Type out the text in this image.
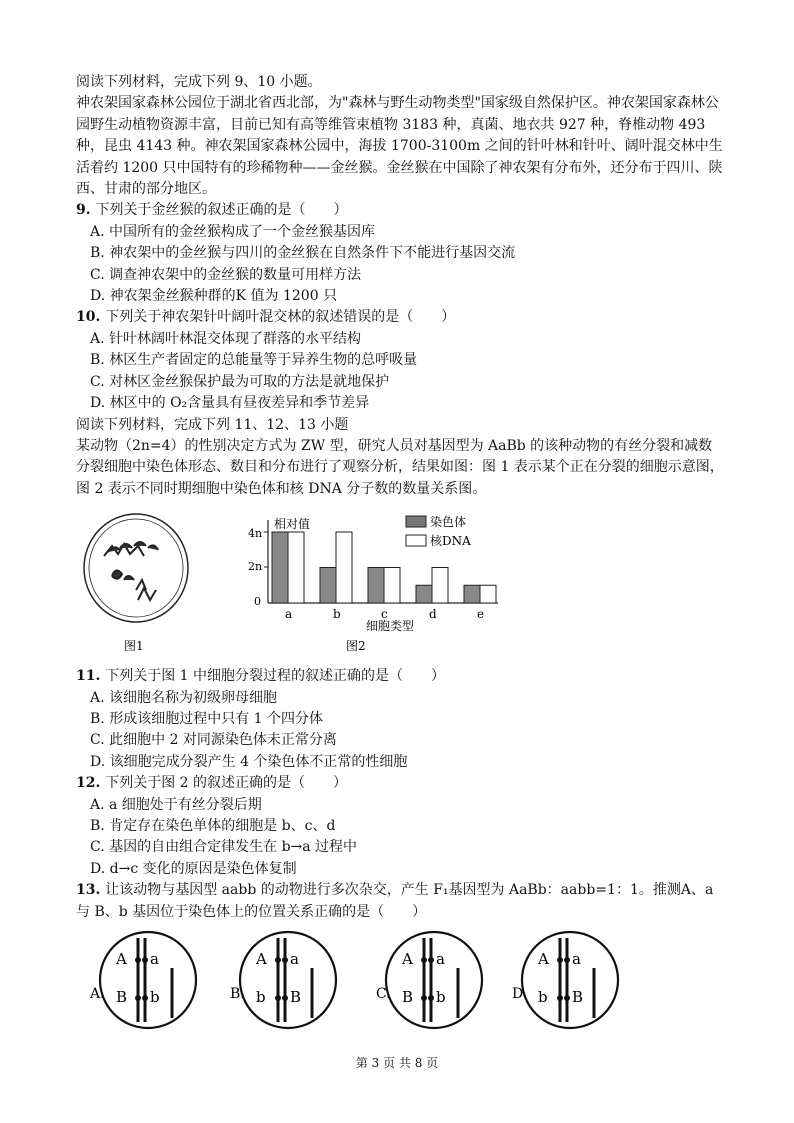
阅读下列材料，完成下列 9、10 小题。

神农架国家森林公园位于湖北省西北部，为"森林与野生动物类型"国家级自然保护区。神农架国家森林公园野生动植物资源丰富，目前已知有高等维管束植物 3183 种，真菌、地衣共 927 种，脊椎动物 493 种，昆虫 4143 种。神农架国家森林公园中，海拔 1700-3100m 之间的针叶林和针叶、阔叶混交林中生活着约 1200 只中国特有的珍稀物种——金丝猴。金丝猴在中国除了神农架有分布外，还分布于四川、陕西、甘肃的部分地区。

9. 下列关于金丝猴的叙述正确的是（　　）

A. 中国所有的金丝猴构成了一个金丝猴基因库

B. 神农架中的金丝猴与四川的金丝猴在自然条件下不能进行基因交流

C. 调查神农架中的金丝猴的数量可用样方法

D. 神农架金丝猴种群的K 值为 1200 只

10. 下列关于神农架针叶阔叶混交林的叙述错误的是（　　）

A. 针叶林阔叶林混交体现了群落的水平结构

B. 林区生产者固定的总能量等于异养生物的总呼吸量

C. 对林区金丝猴保护最为可取的方法是就地保护

D. 林区中的 O₂含量具有昼夜差异和季节差异

阅读下列材料，完成下列 11、12、13 小题

某动物（2n=4）的性别决定方式为 ZW 型，研究人员对基因型为 AaBb 的该种动物的有丝分裂和减数分裂细胞中染色体形态、数目和分布进行了观察分析，结果如图：图 1 表示某个正在分裂的细胞示意图，图 2 表示不同时期细胞中染色体和核 DNA 分子数的数量关系图。

11. 下列关于图 1 中细胞分裂过程的叙述正确的是（　　）

A. 该细胞名称为初级卵母细胞

B. 形成该细胞过程中只有 1 个四分体

C. 此细胞中 2 对同源染色体未正常分离

D. 该细胞完成分裂产生 4 个染色体不正常的性细胞

12. 下列关于图 2 的叙述正确的是（　　）

A. a 细胞处于有丝分裂后期

B. 肯定存在染色单体的细胞是 b、c、d

C. 基因的自由组合定律发生在 b→a 过程中

D. d→c 变化的原因是染色体复制

13. 让该动物与基因型 aabb 的动物进行多次杂交，产生 F₁基因型为 AaBb：aabb=1：1。推测A、a与 B、b 基因位于染色体上的位置关系正确的是（　　）

图1
相对值
4n
2n
0
a	b	c	d	e
染色体
核DNA
细胞类型
图2
A.
A a
B b	B.
A a
b B	C.
A a
B b	D.
A a
b B
第 3 页 共 8 页
